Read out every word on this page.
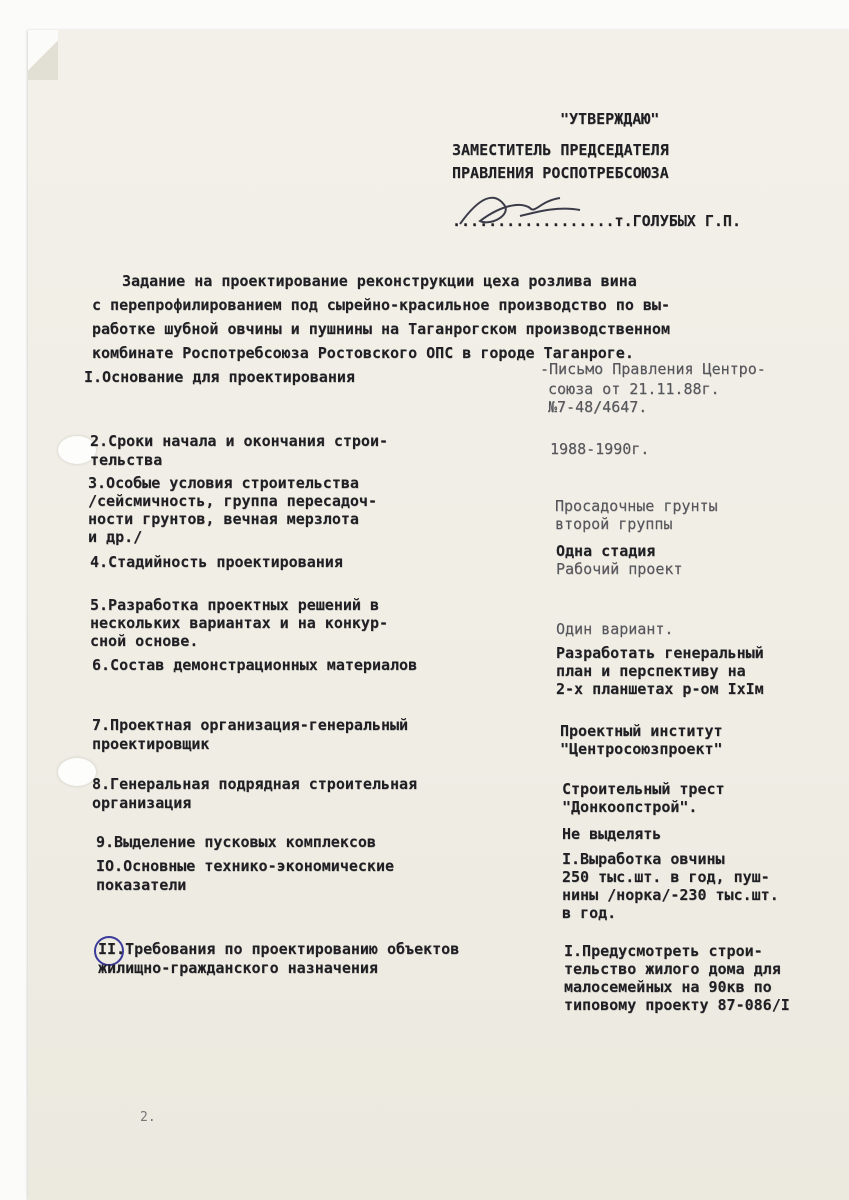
"УТВЕРЖДАЮ"
ЗАМЕСТИТЕЛЬ ПРЕДСЕДАТЕЛЯ
ПРАВЛЕНИЯ РОСПОТРЕБСОЮЗА
..................т.ГОЛУБЫХ Г.П.
Задание на проектирование реконструкции цеха розлива вина
с перепрофилированием под сырейно-красильное производство по вы-
работке шубной овчины и пушнины на Таганрогском производственном
комбинате Роспотребсоюза Ростовского ОПС в городе Таганроге.
I.Основание для проектирования	-Письмо Правления Центро-
союза от 21.11.88г.
№7-48/4647.
2.Сроки начала и окончания строи-
тельства
1988-1990г.
3.Особые условия строительства
/сейсмичность, группа пересадоч-
ности грунтов, вечная мерзлота
и др./
Просадочные грунты
второй группы
4.Стадийность проектирования
Одна стадия
Рабочий проект
5.Разработка проектных решений в
нескольких вариантах и на конкур-
сной основе.
Один вариант.
6.Состав демонстрационных материалов
Разработать генеральный
план и перспективу на
2-х планшетах р-ом IxIм
7.Проектная организация-генеральный
проектировщик
Проектный институт
"Центросоюзпроект"
8.Генеральная подрядная строительная
организация
Строительный трест
"Донкоопстрой".
9.Выделение пусковых комплексов	Не выделять
IO.Основные технико-экономические
показатели
I.Выработка овчины
250 тыс.шт. в год, пуш-
нины /норка/-230 тыс.шт.
в год.
II.Требования по проектированию объектов
жилищно-гражданского назначения
I.Предусмотреть строи-
тельство жилого дома для
малосемейных на 90кв по
типовому проекту 87-086/I
2.
